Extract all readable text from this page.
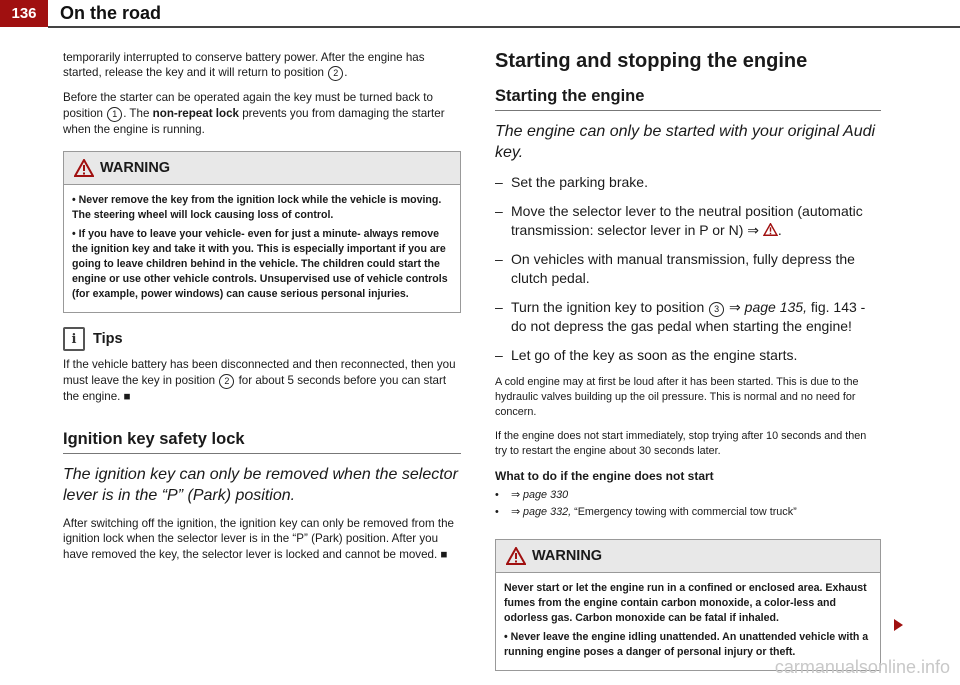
136	On the road

temporarily interrupted to conserve battery power. After the engine has started, release the key and it will return to position 2 .

Before the starter can be operated again the key must be turned back to position 1 . The non-repeat lock prevents you from damaging the starter when the engine is running.

WARNING

• Never remove the key from the ignition lock while the vehicle is moving. The steering wheel will lock causing loss of control.

• If you have to leave your vehicle- even for just a minute- always remove the ignition key and take it with you. This is especially important if you are going to leave children behind in the vehicle. The children could start the engine or use other vehicle controls. Unsupervised use of vehicle controls (for example, power windows) can cause serious personal injuries.

i	Tips

If the vehicle battery has been disconnected and then reconnected, then you must leave the key in position 2 for about 5 seconds before you can start the engine. ■

Ignition key safety lock
The ignition key can only be removed when the selector lever is in the “P” (Park) position.

After switching off the ignition, the ignition key can only be removed from the ignition lock when the selector lever is in the “P” (Park) position. After you have removed the key, the selector lever is locked and cannot be moved. ■

Starting and stopping the engine
Starting the engine
The engine can only be started with your original Audi key.
– Set the parking brake.
– Move the selector lever to the neutral position (automatic transmission: selector lever in P or N) ⇒ .
– On vehicles with manual transmission, fully depress the clutch pedal.
– Turn the ignition key to position 3 ⇒ page 135, fig. 143 - do not depress the gas pedal when starting the engine!
– Let go of the key as soon as the engine starts.

A cold engine may at first be loud after it has been started. This is due to the hydraulic valves building up the oil pressure. This is normal and no need for concern.

If the engine does not start immediately, stop trying after 10 seconds and then try to restart the engine about 30 seconds later.

What to do if the engine does not start
•	⇒ page 330
•	⇒ page 332, “Emergency towing with commercial tow truck”
WARNING

Never start or let the engine run in a confined or enclosed area. Exhaust fumes from the engine contain carbon monoxide, a color-less and odorless gas. Carbon monoxide can be fatal if inhaled.

• Never leave the engine idling unattended. An unattended vehicle with a running engine poses a danger of personal injury or theft.

carmanualsonline.info
